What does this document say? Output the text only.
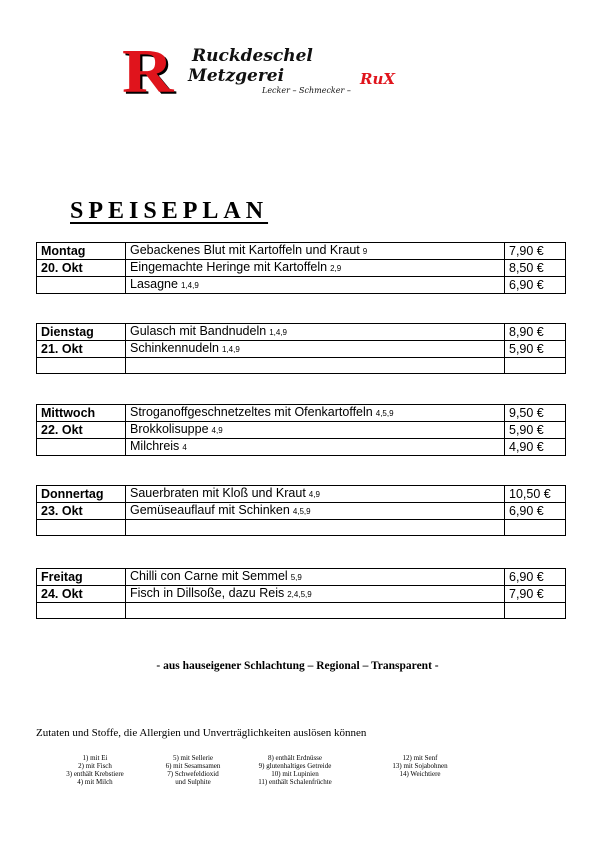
R Ruckdeschel
Metzgerei
Lecker – Schmecker –
RuX
SPEISEPLAN
Montag	Gebackenes Blut mit Kartoffeln und Kraut 9	7,90 €
20. Okt	Eingemachte Heringe mit Kartoffeln 2,9	8,50 €
	Lasagne 1,4,9	6,90 €
Dienstag	Gulasch mit Bandnudeln 1,4,9	8,90 €
21. Okt	Schinkennudeln 1,4,9	5,90 €

Mittwoch	Stroganoffgeschnetzeltes mit Ofenkartoffeln 4,5,9	9,50 €
22. Okt	Brokkolisuppe 4,9	5,90 €
	Milchreis 4	4,90 €
Donnertag	Sauerbraten mit Kloß und Kraut 4,9	10,50 €
23. Okt	Gemüseauflauf mit Schinken 4,5,9	6,90 €

Freitag	Chilli con Carne mit Semmel 5,9	6,90 €
24. Okt	Fisch in Dillsoße, dazu Reis 2,4,5,9	7,90 €

- aus hauseigener Schlachtung – Regional – Transparent -
Zutaten und Stoffe, die Allergien und Unverträglichkeiten auslösen können
1) mit Ei
2) mit Fisch
3) enthält Krebstiere
4) mit Milch
5) mit Sellerie
6) mit Sesamsamen
7) Schwefeldioxid
und Sulphite
8) enthält Erdnüsse
9) glutenhaltiges Getreide
10) mit Lupinien
11) enthält Schalenfrüchte
12) mit Senf
13) mit Sojabohnen
14) Weichtiere
